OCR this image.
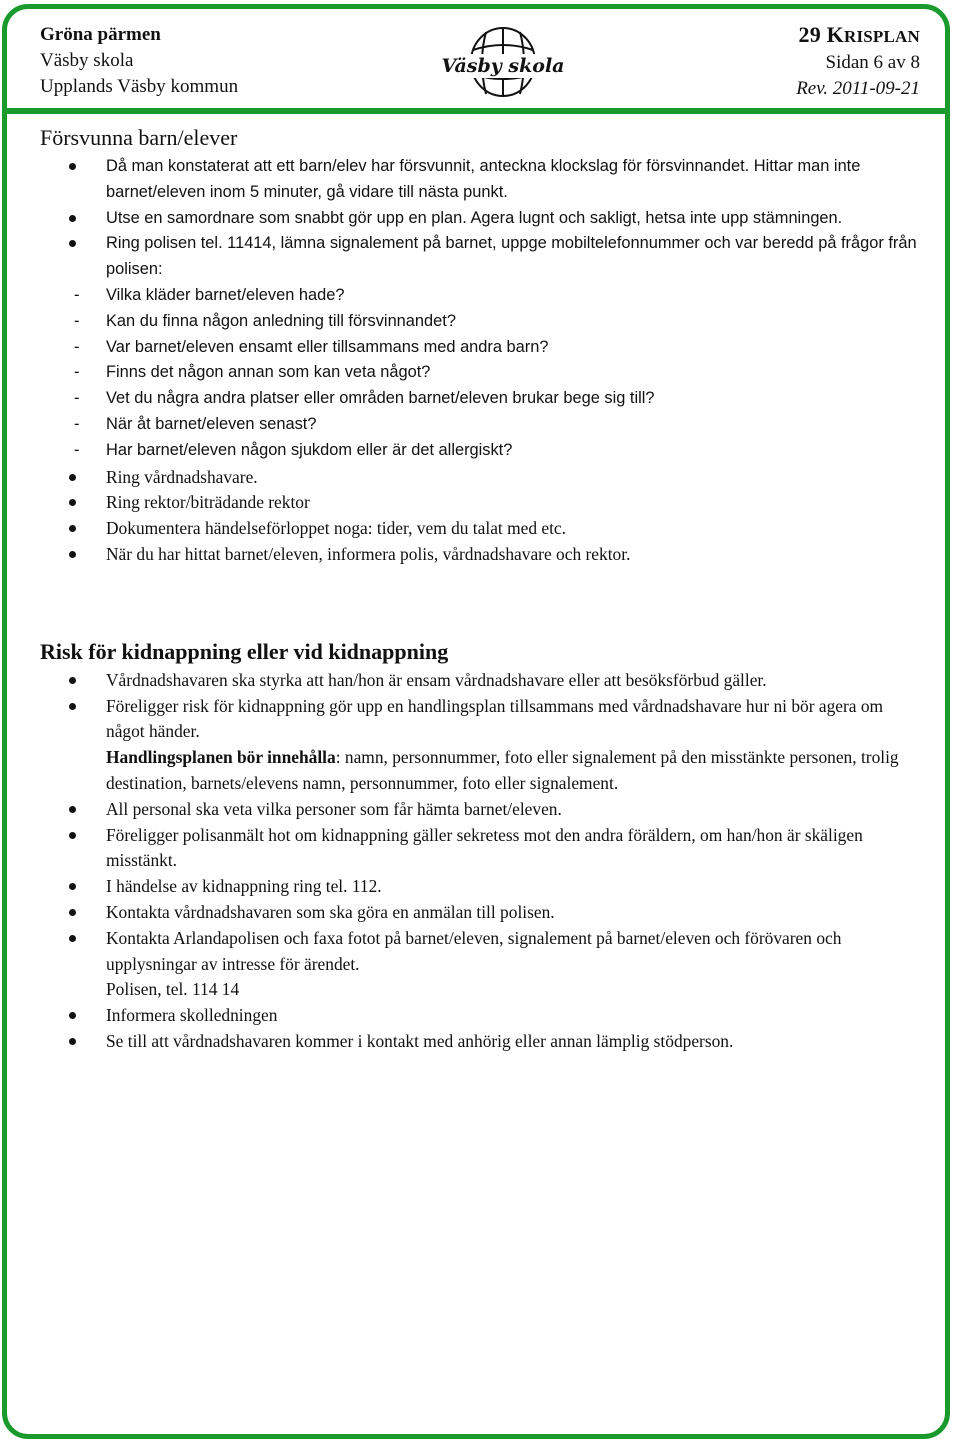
Gröna pärmen
Väsby skola
Upplands Väsby kommun
Väsby skola
29 KRISPLAN
Sidan 6 av 8
Rev. 2011-09-21
Försvunna barn/elever
Då man konstaterat att ett barn/elev har försvunnit, anteckna klockslag för försvinnandet. Hittar man inte barnet/eleven inom 5 minuter, gå vidare till nästa punkt.
Utse en samordnare som snabbt gör upp en plan. Agera lugnt och sakligt, hetsa inte upp stämningen.
Ring polisen tel. 11414, lämna signalement på barnet, uppge mobiltelefonnummer och var beredd på frågor från polisen:
- Vilka kläder barnet/eleven hade?
- Kan du finna någon anledning till försvinnandet?
- Var barnet/eleven ensamt eller tillsammans med andra barn?
- Finns det någon annan som kan veta något?
- Vet du några andra platser eller områden barnet/eleven brukar bege sig till?
- När åt barnet/eleven senast?
- Har barnet/eleven någon sjukdom eller är det allergiskt?
Ring vårdnadshavare.
Ring rektor/biträdande rektor
Dokumentera händelseförloppet noga: tider, vem du talat med etc.
När du har hittat barnet/eleven, informera polis, vårdnadshavare och rektor.
Risk för kidnappning eller vid kidnappning
Vårdnadshavaren ska styrka att han/hon är ensam vårdnadshavare eller att besöksförbud gäller.

Föreligger risk för kidnappning gör upp en handlingsplan tillsammans med vårdnadshavare hur ni bör agera om något händer.

Handlingsplanen bör innehålla: namn, personnummer, foto eller signalement på den misstänkte personen, trolig destination, barnets/elevens namn, personnummer, foto eller signalement.

All personal ska veta vilka personer som får hämta barnet/eleven.
Föreligger polisanmält hot om kidnappning gäller sekretess mot den andra föräldern, om han/hon är skäligen misstänkt.
I händelse av kidnappning ring tel. 112.
Kontakta vårdnadshavaren som ska göra en anmälan till polisen.

Kontakta Arlandapolisen och faxa fotot på barnet/eleven, signalement på barnet/eleven och förövaren och upplysningar av intresse för ärendet.

Polisen, tel. 114 14

Informera skolledningen
Se till att vårdnadshavaren kommer i kontakt med anhörig eller annan lämplig stödperson.
